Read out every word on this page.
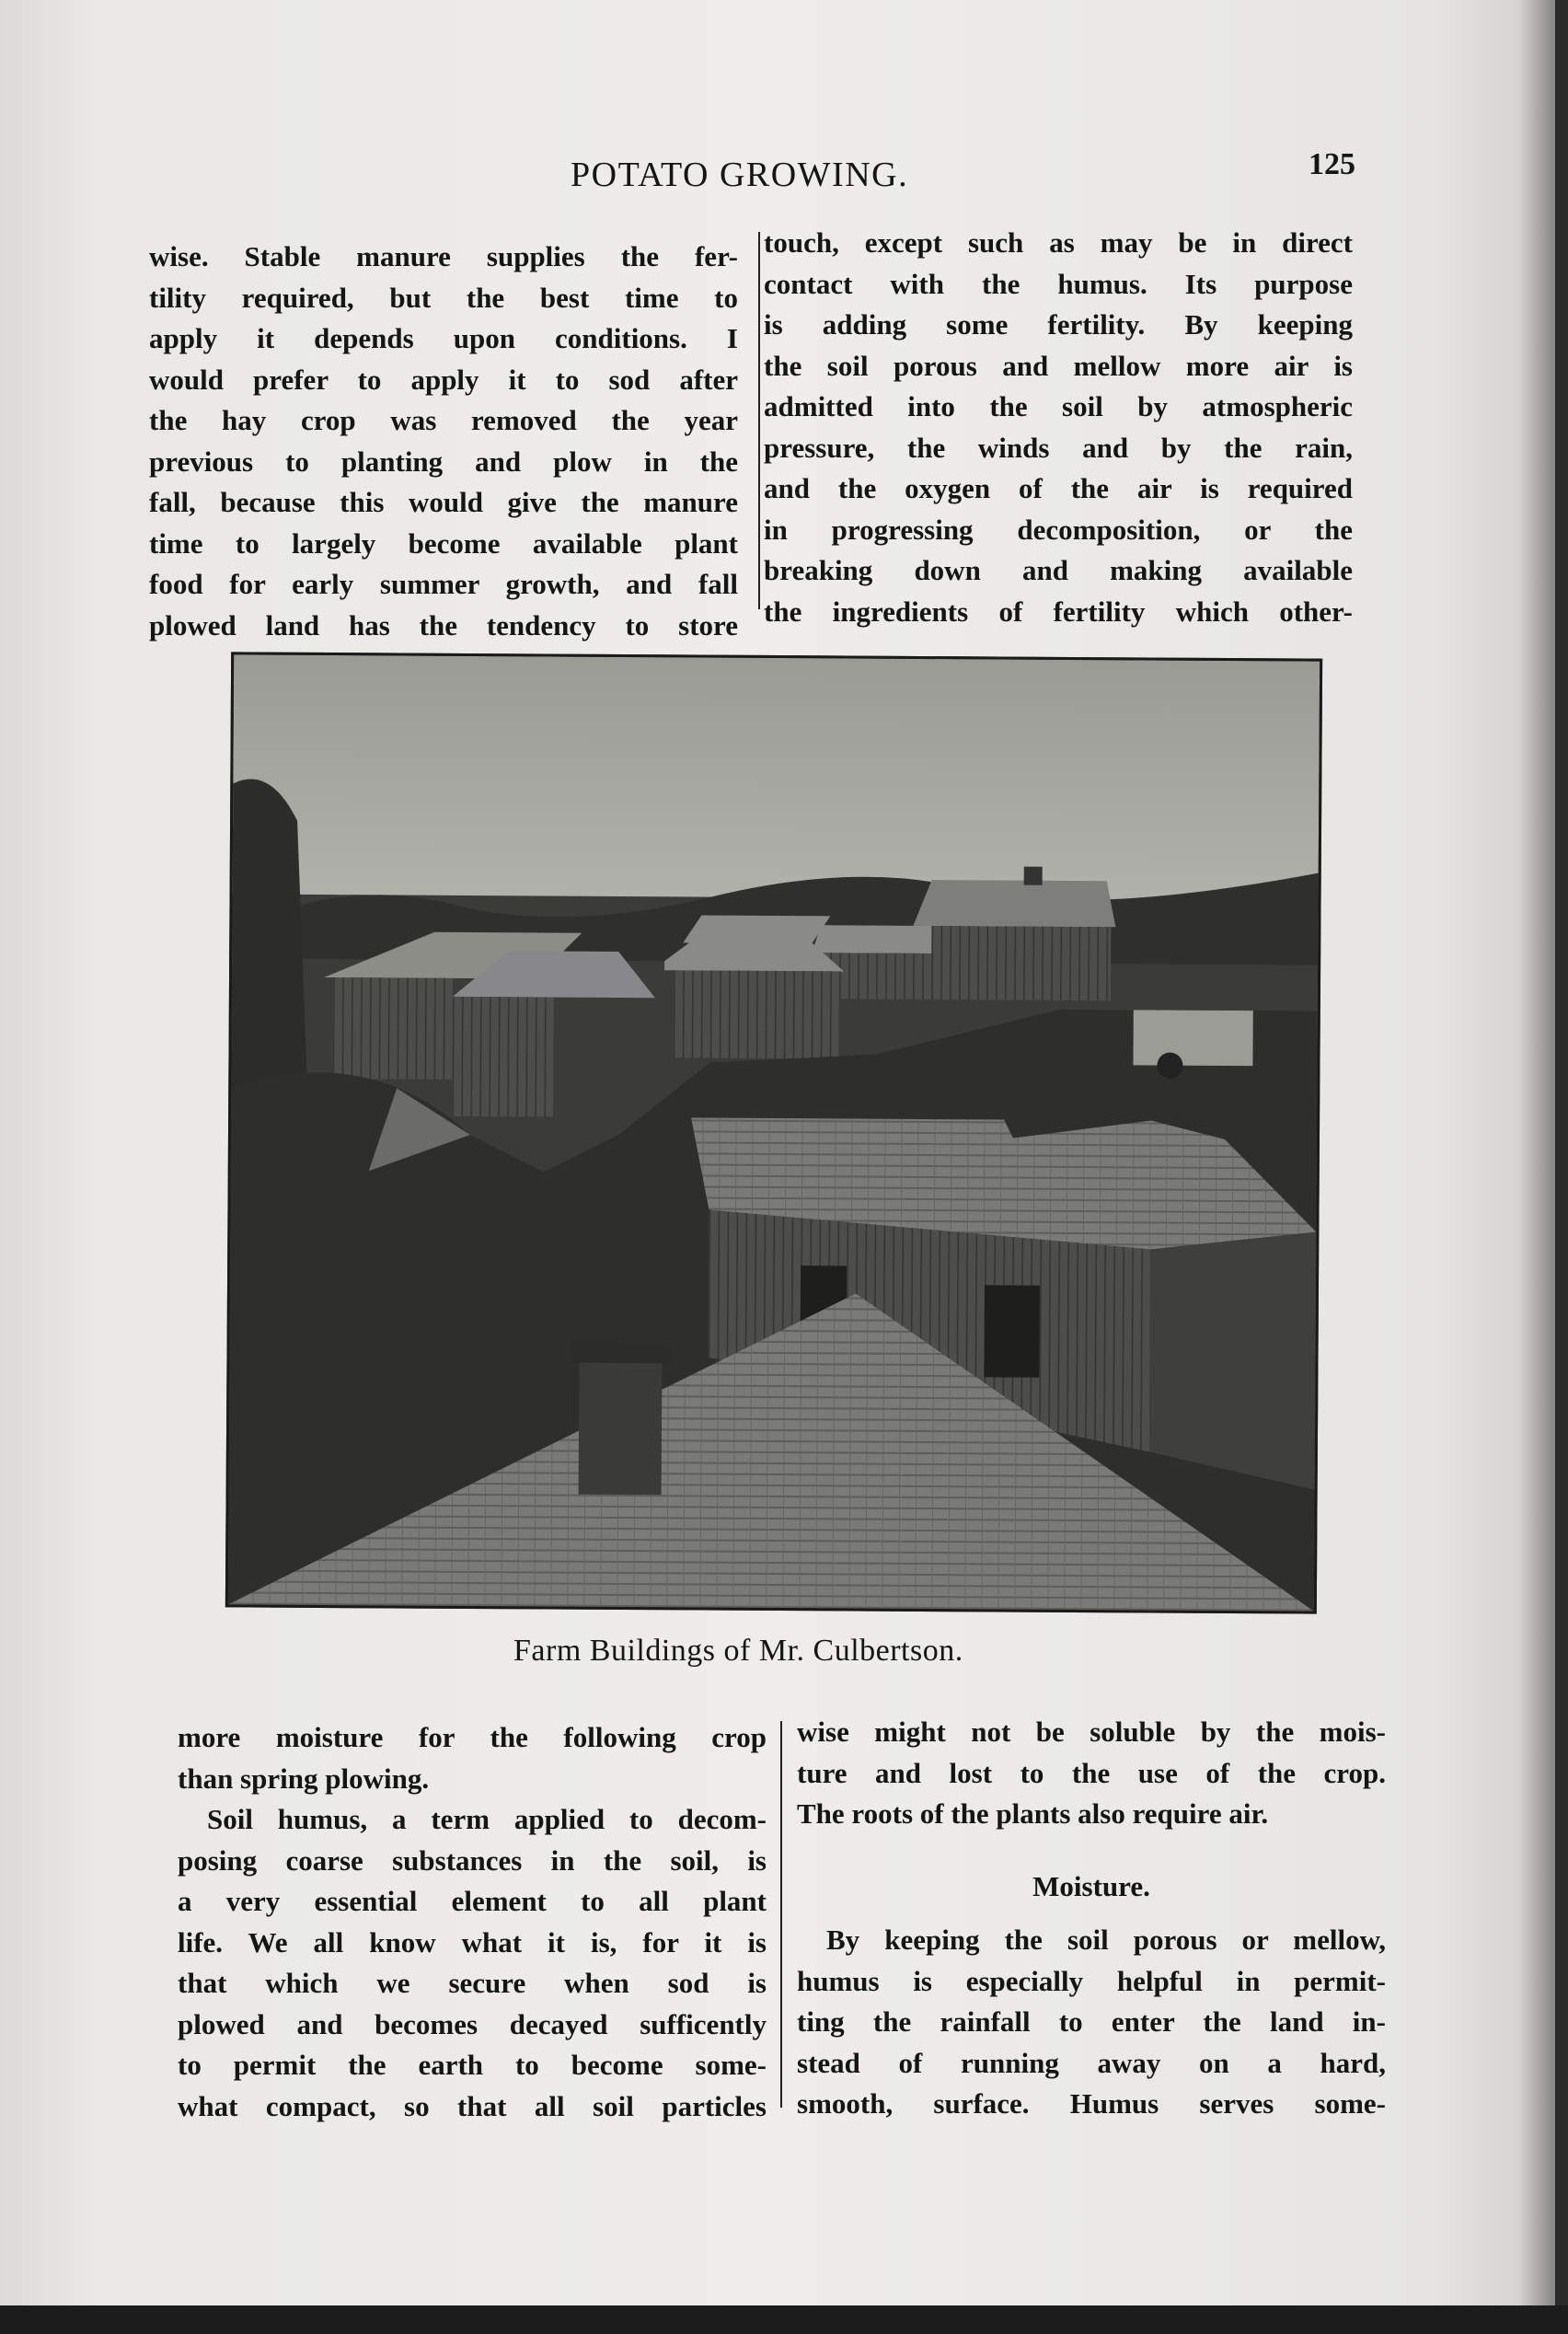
POTATO GROWING.	125

wise. Stable manure supplies the fer-

tility required, but the best time to

apply it depends upon conditions. I

would prefer to apply it to sod after

the hay crop was removed the year

previous to planting and plow in the

fall, because this would give the manure

time to largely become available plant

food for early summer growth, and fall

plowed land has the tendency to store

touch, except such as may be in direct

contact with the humus. Its purpose

is adding some fertility. By keeping

the soil porous and mellow more air is

admitted into the soil by atmospheric

pressure, the winds and by the rain,

and the oxygen of the air is required

in progressing decomposition, or the

breaking down and making available

the ingredients of fertility which other-

Farm Buildings of Mr. Culbertson.

more moisture for the following crop

than spring plowing.

Soil humus, a term applied to decom-

posing coarse substances in the soil, is

a very essential element to all plant

life. We all know what it is, for it is

that which we secure when sod is

plowed and becomes decayed sufficently

to permit the earth to become some-

what compact, so that all soil particles

wise might not be soluble by the mois-

ture and lost to the use of the crop.

The roots of the plants also require air.

Moisture.

By keeping the soil porous or mellow,

humus is especially helpful in permit-

ting the rainfall to enter the land in-

stead of running away on a hard,

smooth, surface. Humus serves some-
